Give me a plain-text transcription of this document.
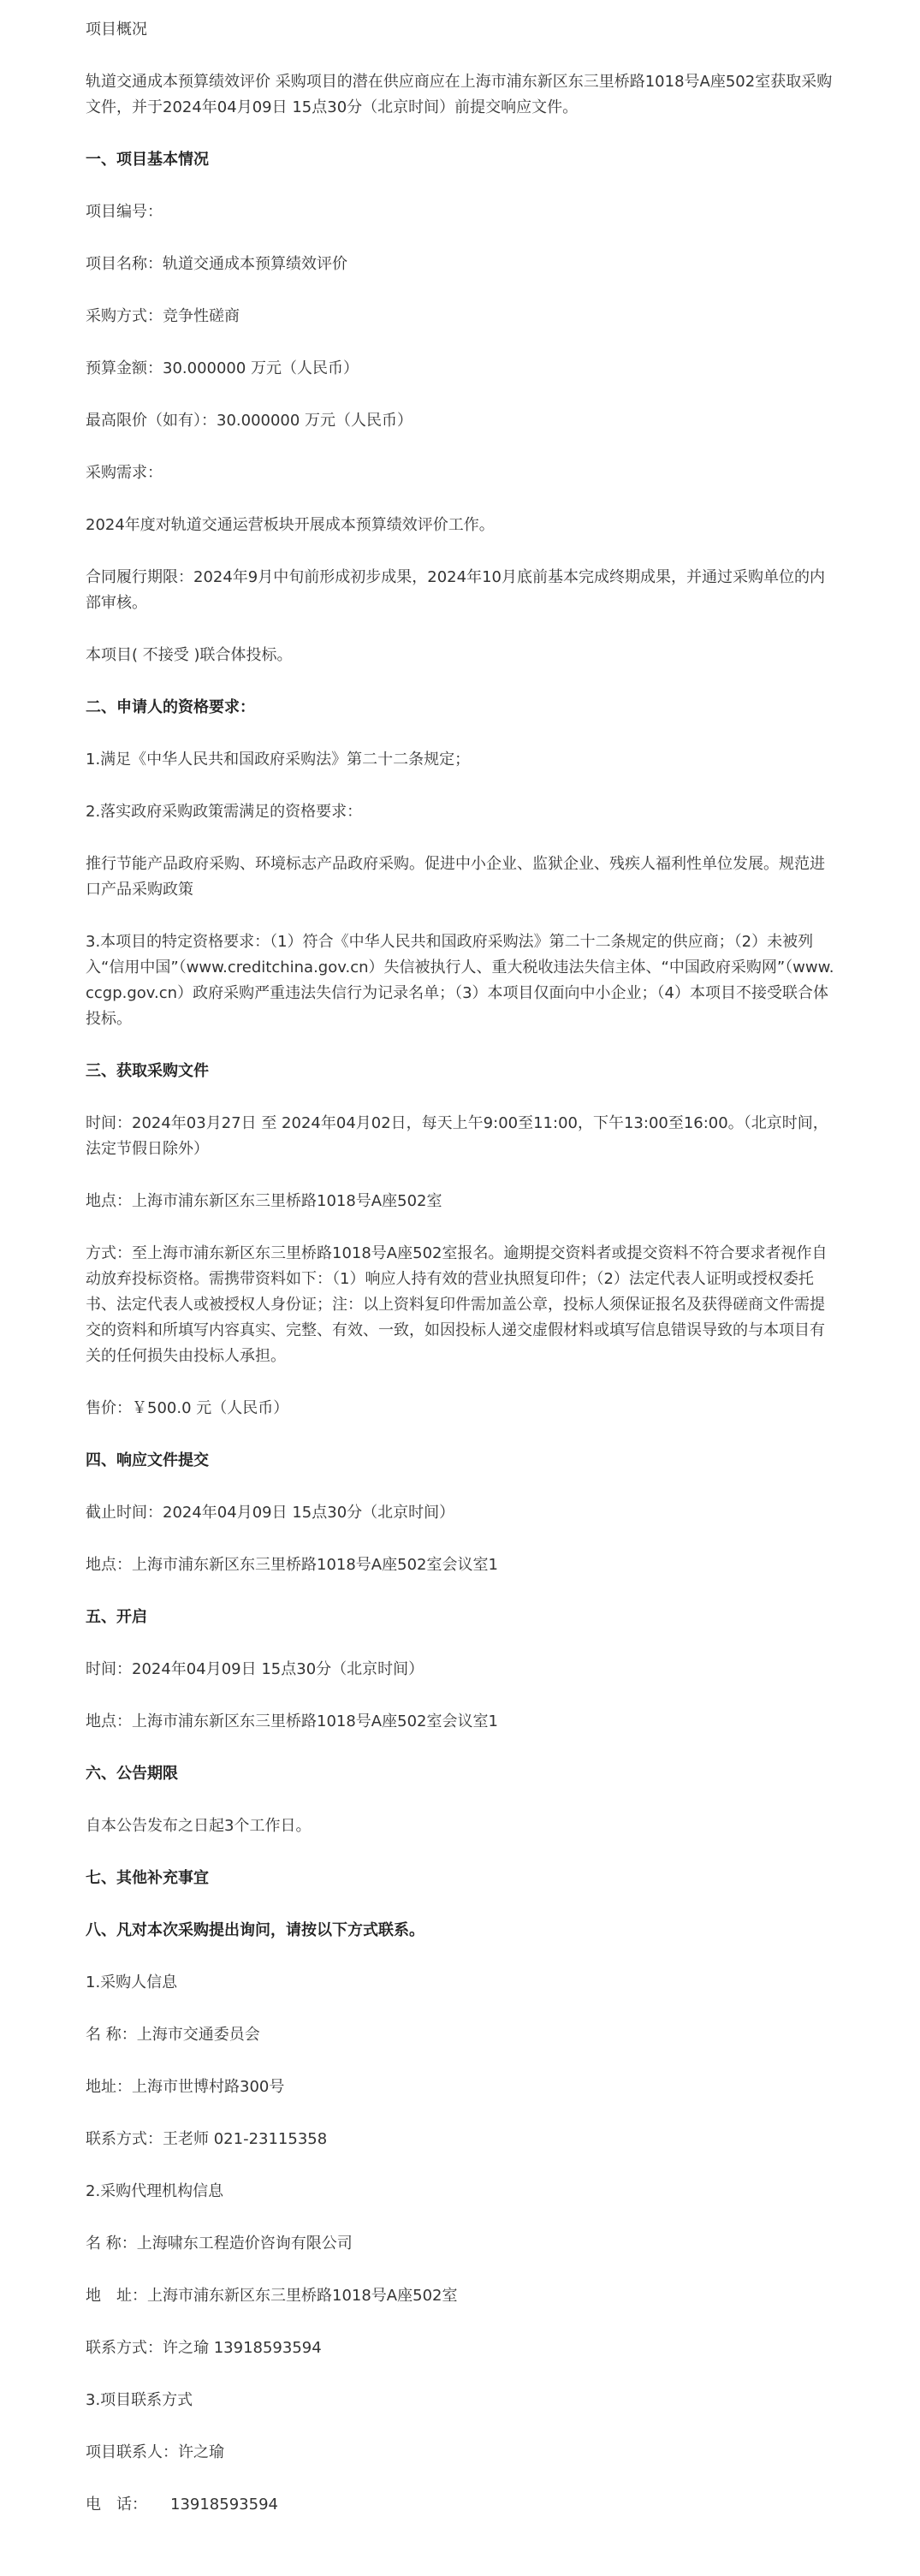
项目概况

轨道交通成本预算绩效评价 采购项目的潜在供应商应在上海市浦东新区东三里桥路1018号A座502室获取采购文件，并于2024年04月09日 15点30分（北京时间）前提交响应文件。

一、项目基本情况

项目编号：

项目名称：轨道交通成本预算绩效评价

采购方式：竞争性磋商

预算金额：30.000000 万元（人民币）

最高限价（如有）：30.000000 万元（人民币）

采购需求：

2024年度对轨道交通运营板块开展成本预算绩效评价工作。

合同履行期限：2024年9月中旬前形成初步成果，2024年10月底前基本完成终期成果，并通过采购单位的内部审核。

本项目( 不接受 )联合体投标。

二、申请人的资格要求：

1.满足《中华人民共和国政府采购法》第二十二条规定；

2.落实政府采购政策需满足的资格要求：

推行节能产品政府采购、环境标志产品政府采购。促进中小企业、监狱企业、残疾人福利性单位发展。规范进口产品采购政策

3.本项目的特定资格要求：（1）符合《中华人民共和国政府采购法》第二十二条规定的供应商；（2）未被列入“信用中国”（www.creditchina.gov.cn）失信被执行人、重大税收违法失信主体、“中国政府采购网”（www.ccgp.gov.cn）政府采购严重违法失信行为记录名单；（3）本项目仅面向中小企业；（4）本项目不接受联合体投标。

三、获取采购文件

时间：2024年03月27日 至 2024年04月02日，每天上午9:00至11:00，下午13:00至16:00。（北京时间，法定节假日除外）

地点：上海市浦东新区东三里桥路1018号A座502室

方式：至上海市浦东新区东三里桥路1018号A座502室报名。逾期提交资料者或提交资料不符合要求者视作自动放弃投标资格。需携带资料如下：（1）响应人持有效的营业执照复印件；（2）法定代表人证明或授权委托书、法定代表人或被授权人身份证；注：以上资料复印件需加盖公章，投标人须保证报名及获得磋商文件需提交的资料和所填写内容真实、完整、有效、一致，如因投标人递交虚假材料或填写信息错误导致的与本项目有关的任何损失由投标人承担。

售价：￥500.0 元（人民币）

四、响应文件提交

截止时间：2024年04月09日 15点30分（北京时间）

地点：上海市浦东新区东三里桥路1018号A座502室会议室1

五、开启

时间：2024年04月09日 15点30分（北京时间）

地点：上海市浦东新区东三里桥路1018号A座502室会议室1

六、公告期限

自本公告发布之日起3个工作日。

七、其他补充事宜

八、凡对本次采购提出询问，请按以下方式联系。

1.采购人信息

名 称：上海市交通委员会

地址：上海市世博村路300号

联系方式：王老师 021-23115358

2.采购代理机构信息

名 称：上海啸东工程造价咨询有限公司

地　址：上海市浦东新区东三里桥路1018号A座502室

联系方式：许之瑜 13918593594

3.项目联系方式

项目联系人：许之瑜

电　话：　　13918593594
